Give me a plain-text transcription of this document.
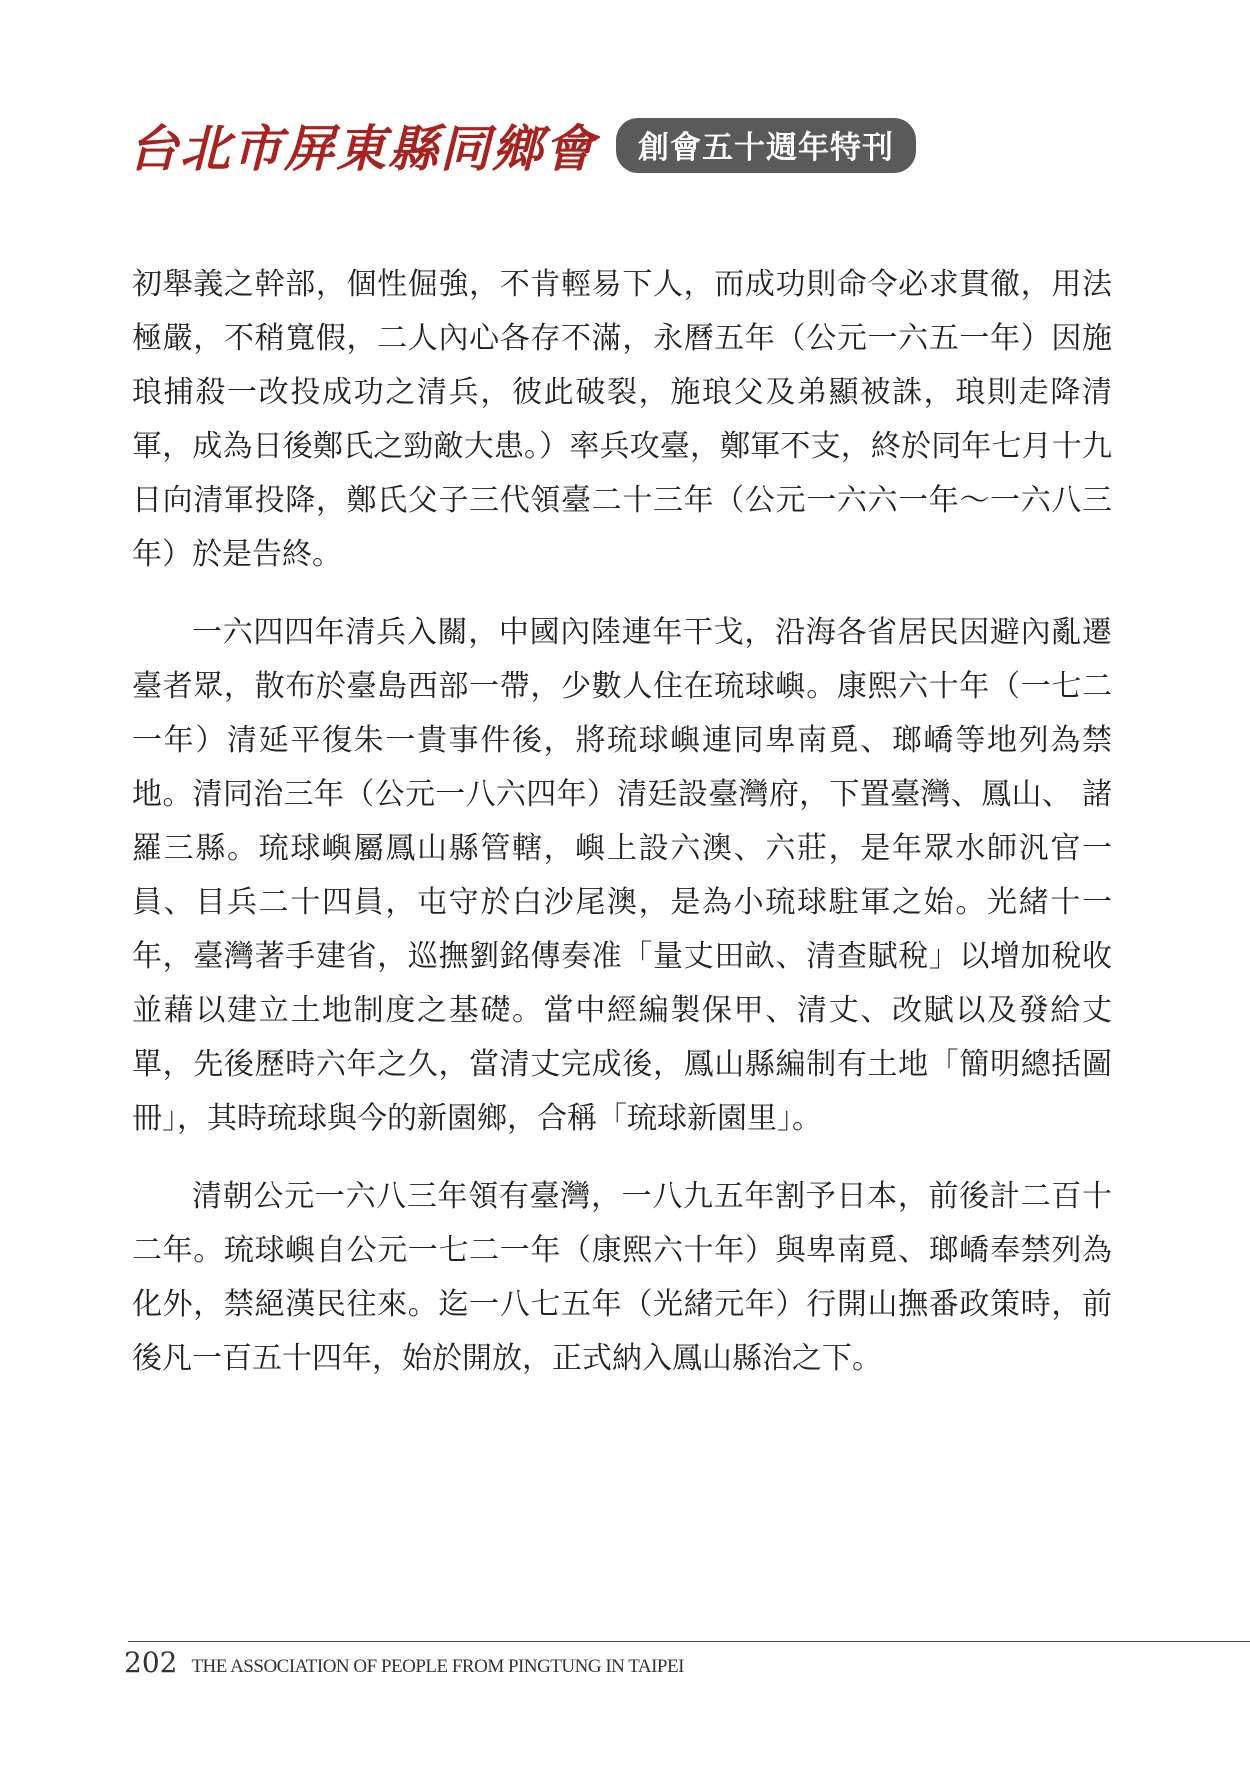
台北市屏東縣同鄉會	創會五十週年特刊

初舉義之幹部，個性倔強，不肯輕易下人，而成功則命令必求貫徹，用法極嚴，不稍寬假，二人內心各存不滿，永曆五年（公元一六五一年）因施琅捕殺一改投成功之清兵，彼此破裂，施琅父及弟顯被誅，琅則走降清軍，成為日後鄭氏之勁敵大患。）率兵攻臺，鄭軍不支，終於同年七月十九日向清軍投降，鄭氏父子三代領臺二十三年（公元一六六一年～一六八三年）於是告終。

一六四四年清兵入關，中國內陸連年干戈，沿海各省居民因避內亂遷臺者眾，散布於臺島西部一帶，少數人住在琉球嶼。康熙六十年（一七二 一年）清延平復朱一貴事件後，將琉球嶼連同卑南覓、瑯嶠等地列為禁地。清同治三年（公元一八六四年）清廷設臺灣府，下置臺灣、鳳山、 諸羅三縣。琉球嶼屬鳳山縣管轄，嶼上設六澳、六莊，是年眾水師汎官一員、目兵二十四員，屯守於白沙尾澳，是為小琉球駐軍之始。光緒十一年，臺灣著手建省，巡撫劉銘傳奏准「量丈田畝、清查賦稅」以增加稅收並藉以建立土地制度之基礎。當中經編製保甲、清丈、改賦以及發給丈單，先後歷時六年之久，當清丈完成後，鳳山縣編制有土地「簡明總括圖冊」，其時琉球與今的新園鄉，合稱「琉球新園里」。

清朝公元一六八三年領有臺灣，一八九五年割予日本，前後計二百十二年。琉球嶼自公元一七二一年（康熙六十年）與卑南覓、瑯嶠奉禁列為化外，禁絕漢民往來。迄一八七五年（光緒元年）行開山撫番政策時，前後凡一百五十四年，始於開放，正式納入鳳山縣治之下。

202 THE ASSOCIATION OF PEOPLE FROM PINGTUNG IN TAIPEI
